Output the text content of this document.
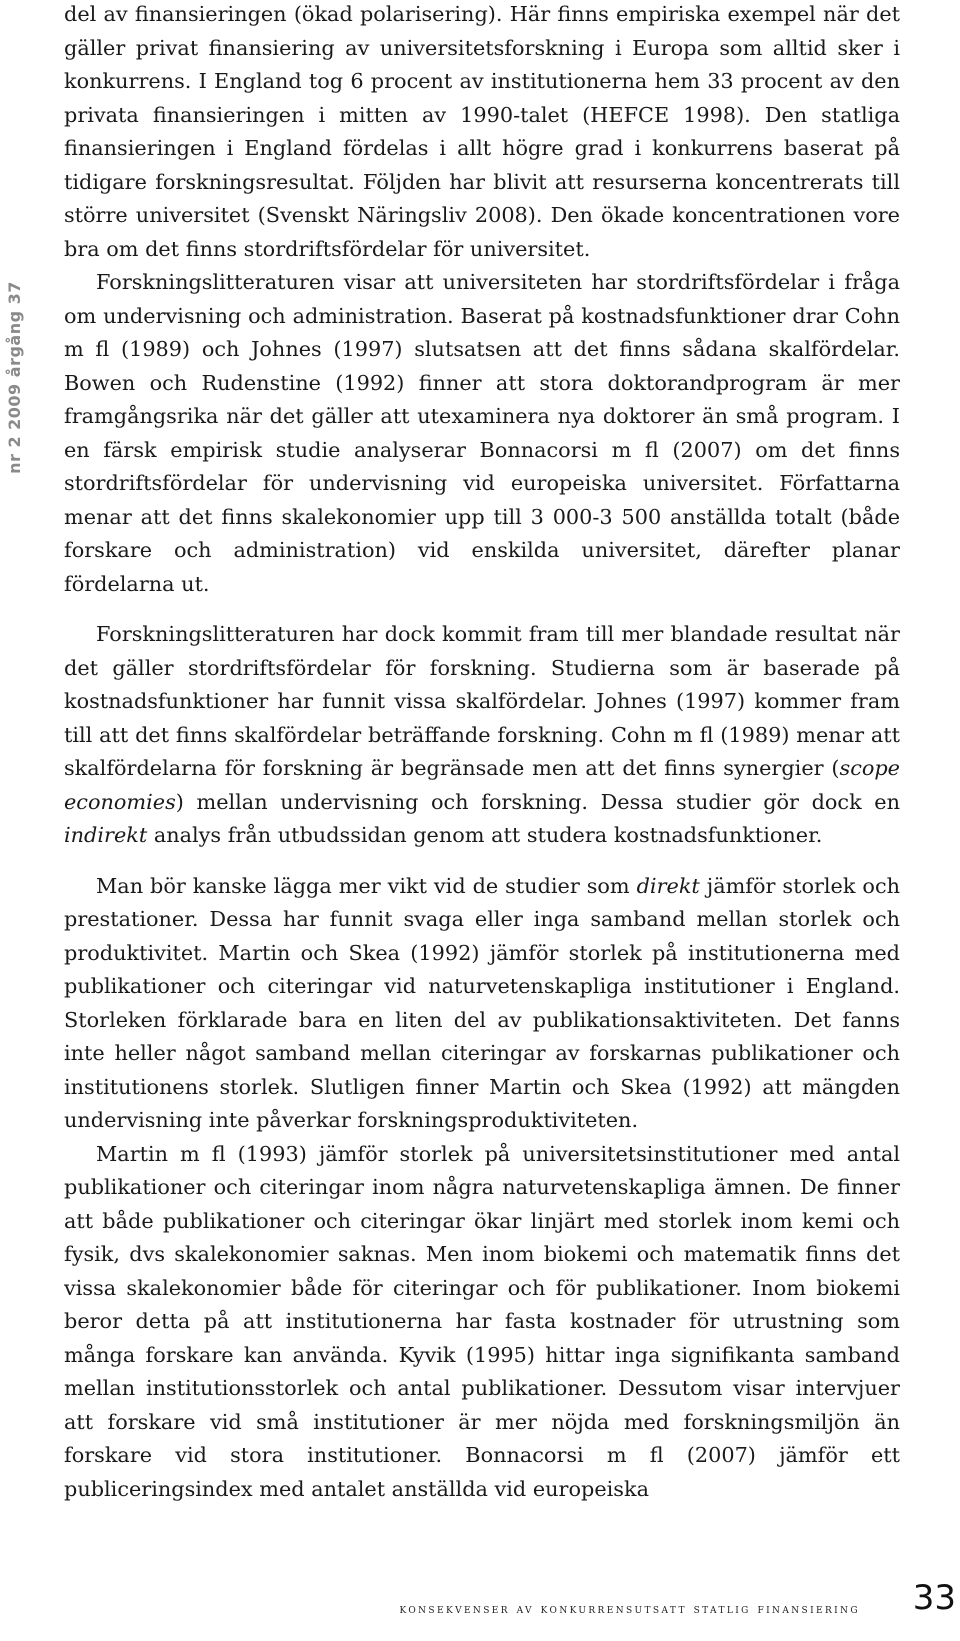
nr 2 2009 årgång 37

del av finansieringen (ökad polarisering). Här finns empiriska exempel när det gäller privat finansiering av universitetsforskning i Europa som alltid sker i konkurrens. I England tog 6 procent av institutionerna hem 33 procent av den privata finansieringen i mitten av 1990-talet (HEFCE 1998). Den statliga finansieringen i England fördelas i allt högre grad i konkurrens baserat på tidigare forskningsresultat. Följden har blivit att resurserna koncentrerats till större universitet (Svenskt Näringsliv 2008). Den ökade koncentrationen vore bra om det finns stordriftsfördelar för universitet.

Forskningslitteraturen visar att universiteten har stordriftsfördelar i fråga om undervisning och administration. Baserat på kostnadsfunktioner drar Cohn m fl (1989) och Johnes (1997) slutsatsen att det finns sådana skalfördelar. Bowen och Rudenstine (1992) finner att stora doktorandprogram är mer framgångsrika när det gäller att utexaminera nya doktorer än små program. I en färsk empirisk studie analyserar Bonnacorsi m fl (2007) om det finns stordriftsfördelar för undervisning vid europeiska universitet. Författarna menar att det finns skalekonomier upp till 3 000-3 500 anställda totalt (både forskare och administration) vid enskilda universitet, därefter planar fördelarna ut.

Forskningslitteraturen har dock kommit fram till mer blandade resultat när det gäller stordriftsfördelar för forskning. Studierna som är baserade på kostnadsfunktioner har funnit vissa skalfördelar. Johnes (1997) kommer fram till att det finns skalfördelar beträffande forskning. Cohn m fl (1989) menar att skalfördelarna för forskning är begränsade men att det finns synergier (scope economies) mellan undervisning och forskning. Dessa studier gör dock en indirekt analys från utbudssidan genom att studera kostnadsfunktioner.

Man bör kanske lägga mer vikt vid de studier som direkt jämför storlek och prestationer. Dessa har funnit svaga eller inga samband mellan storlek och produktivitet. Martin och Skea (1992) jämför storlek på institutionerna med publikationer och citeringar vid naturvetenskapliga institutioner i England. Storleken förklarade bara en liten del av publikationsaktiviteten. Det fanns inte heller något samband mellan citeringar av forskarnas publikationer och institutionens storlek. Slutligen finner Martin och Skea (1992) att mängden undervisning inte påverkar forskningsproduktiviteten.

Martin m fl (1993) jämför storlek på universitetsinstitutioner med antal publikationer och citeringar inom några naturvetenskapliga ämnen. De finner att både publikationer och citeringar ökar linjärt med storlek inom kemi och fysik, dvs skalekonomier saknas. Men inom biokemi och matematik finns det vissa skalekonomier både för citeringar och för publikationer. Inom biokemi beror detta på att institutionerna har fasta kostnader för utrustning som många forskare kan använda. Kyvik (1995) hittar inga signifikanta samband mellan institutionsstorlek och antal publikationer. Dessutom visar intervjuer att forskare vid små institutioner är mer nöjda med forskningsmiljön än forskare vid stora institutioner. Bonnacorsi m fl (2007) jämför ett publiceringsindex med antalet anställda vid europeiska

konsekvenser av konkurrensutsatt statlig finansiering 33
